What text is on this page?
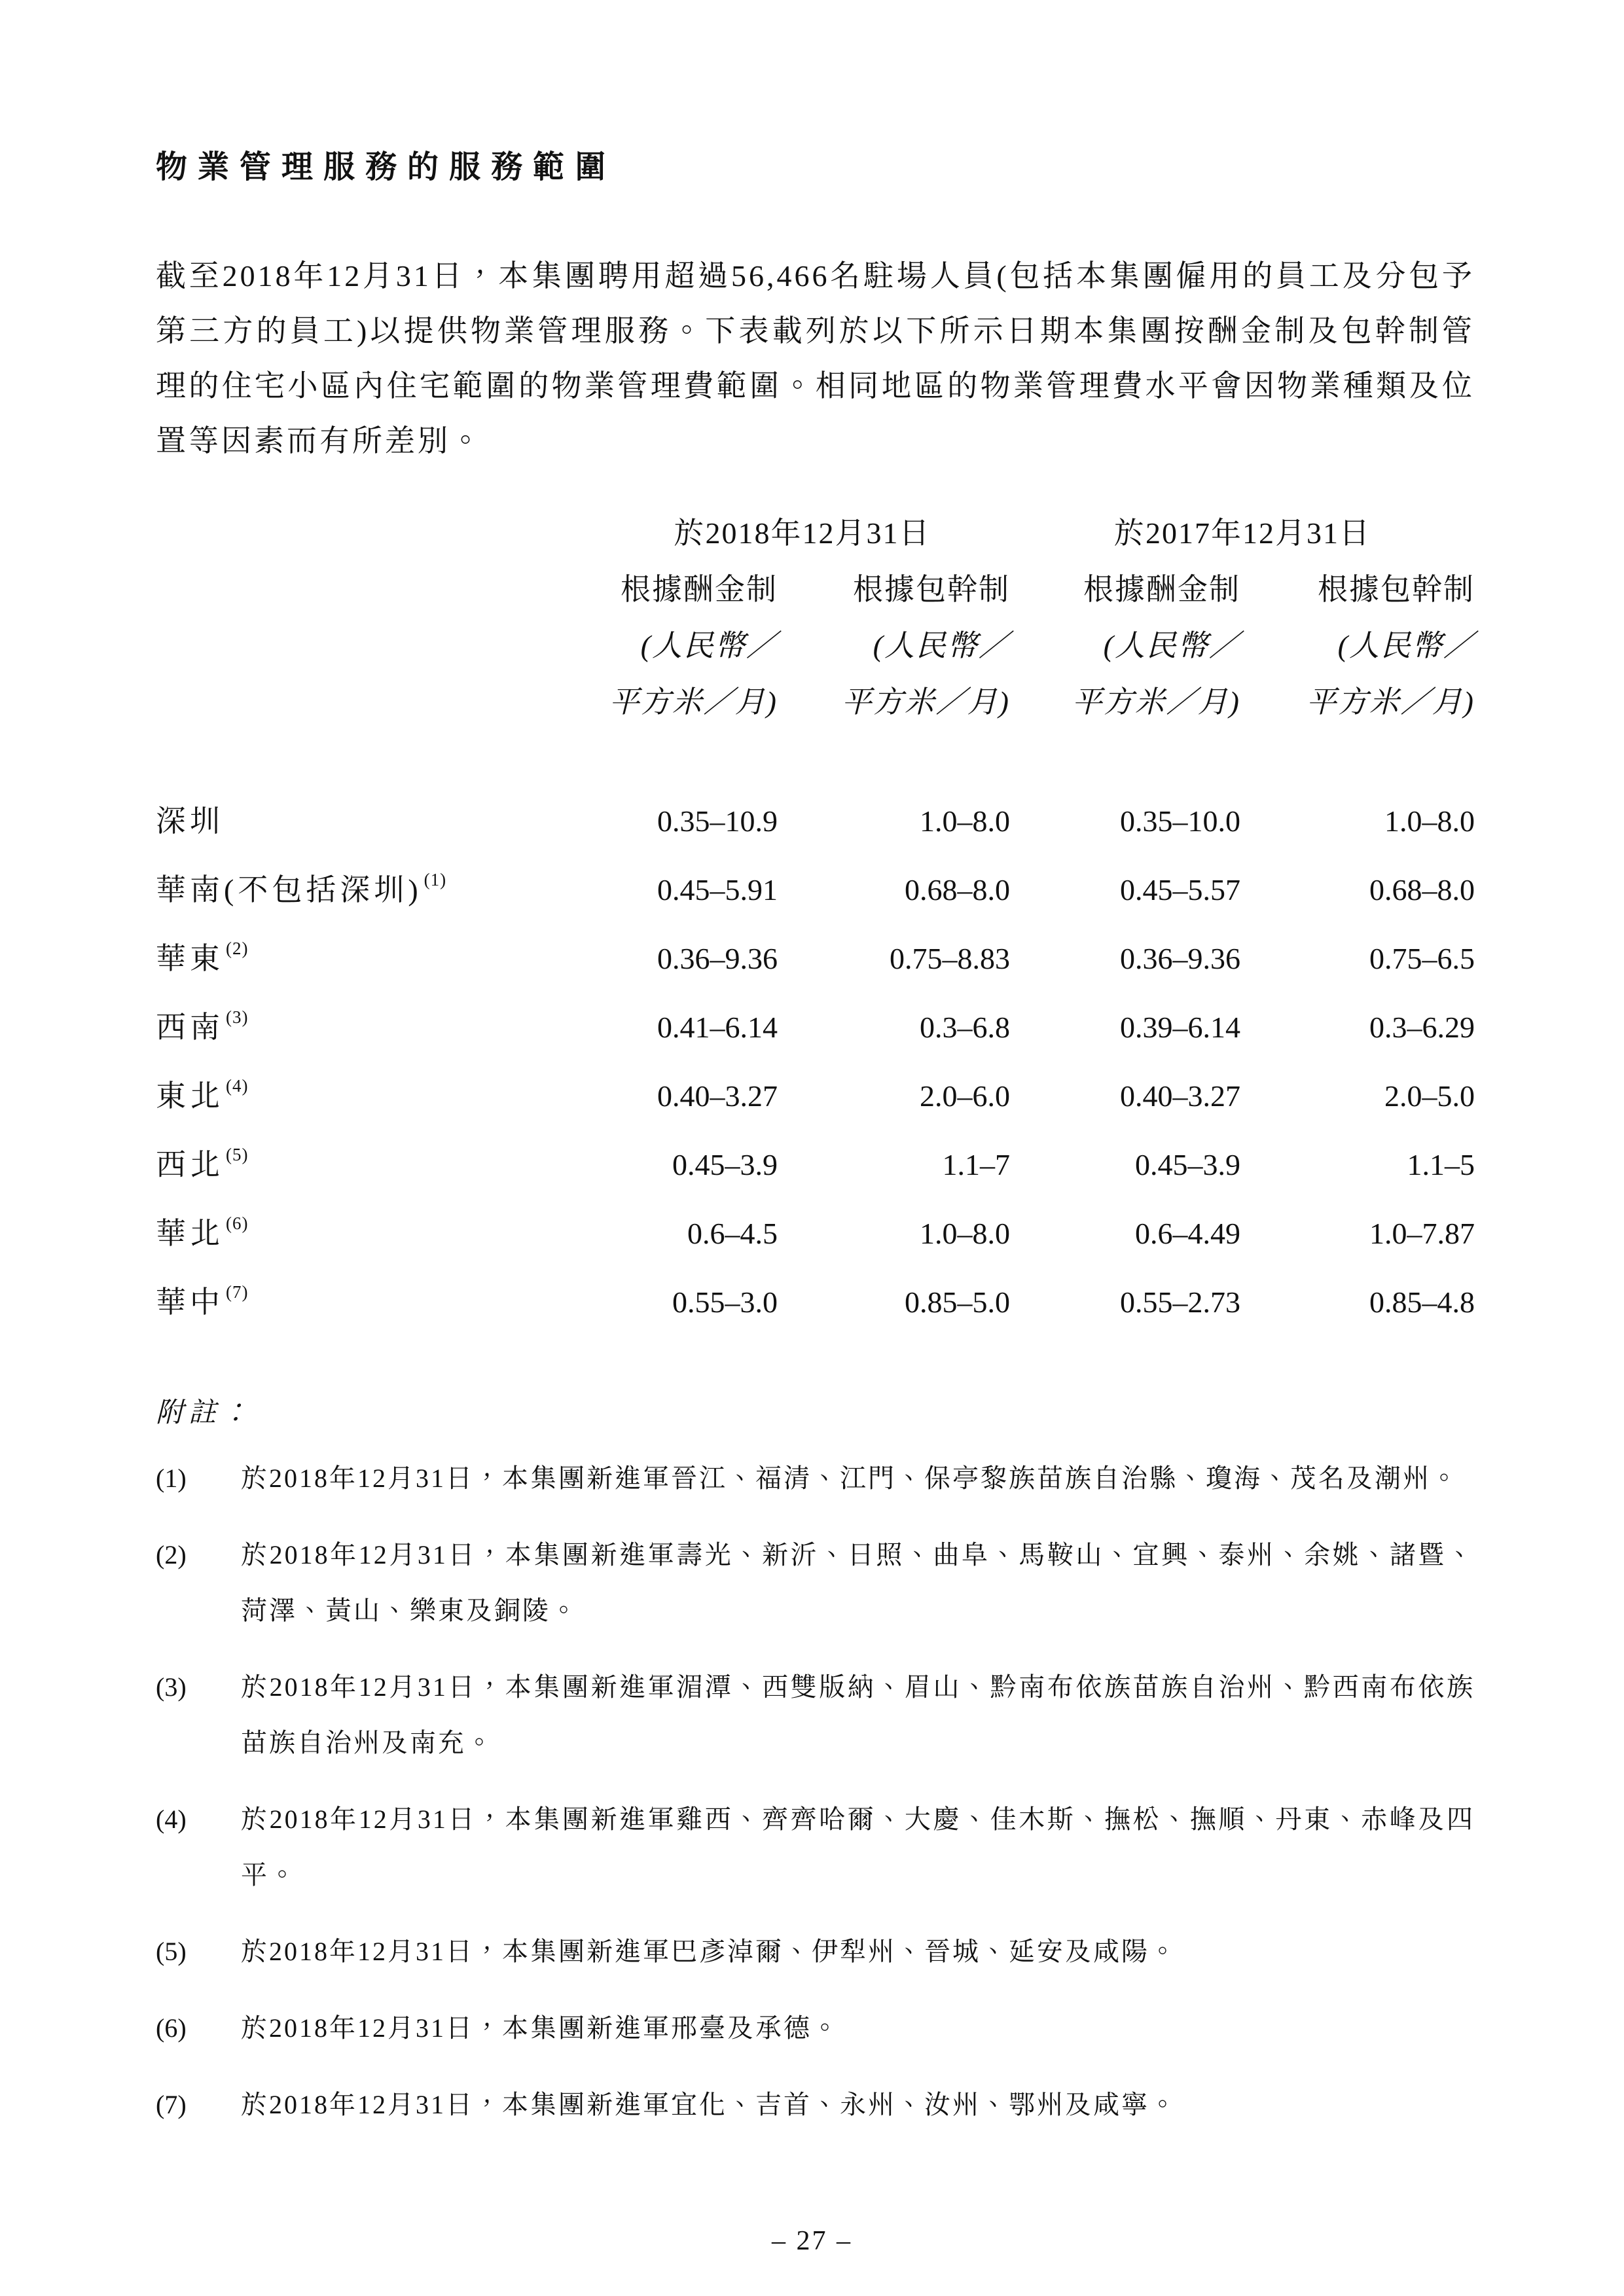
物業管理服務的服務範圍

截至2018年12月31日，本集團聘用超過56,466名駐場人員(包括本集團僱用的員工及分包予第三方的員工)以提供物業管理服務。下表載列於以下所示日期本集團按酬金制及包幹制管理的住宅小區內住宅範圍的物業管理費範圍。相同地區的物業管理費水平會因物業種類及位置等因素而有所差別。

	於2018年12月31日		於2017年12月31日	
	根據酬金制	根據包幹制	根據酬金制	根據包幹制
	(人民幣／	(人民幣／	(人民幣／	(人民幣／
	平方米／月)	平方米／月)	平方米／月)	平方米／月)
深圳	0.35–10.9	1.0–8.0	0.35–10.0	1.0–8.0
華南(不包括深圳) $^{(1)}$	0.45–5.91	0.68–8.0	0.45–5.57	0.68–8.0
華東 $^{(2)}$	0.36–9.36	0.75–8.83	0.36–9.36	0.75–6.5
西南 $^{(3)}$	0.41–6.14	0.3–6.8	0.39–6.14	0.3–6.29
東北 $^{(4)}$	0.40–3.27	2.0–6.0	0.40–3.27	2.0–5.0
西北 $^{(5)}$	0.45–3.9	1.1–7	0.45–3.9	1.1–5
華北 $^{(6)}$	0.6–4.5	1.0–8.0	0.6–4.49	1.0–7.87
華中 $^{(7)}$	0.55–3.0	0.85–5.0	0.55–2.73	0.85–4.8
附註：
(1)	於2018年12月31日，本集團新進軍晉江、福清、江門、保亭黎族苗族自治縣、瓊海、茂名及潮州。
(2)	於2018年12月31日，本集團新進軍壽光、新沂、日照、曲阜、馬鞍山、宜興、泰州、余姚、諸暨、菏澤、黃山、樂東及銅陵。
(3)	於2018年12月31日，本集團新進軍湄潭、西雙版納、眉山、黔南布依族苗族自治州、黔西南布依族苗族自治州及南充。
(4)	於2018年12月31日，本集團新進軍雞西、齊齊哈爾、大慶、佳木斯、撫松、撫順、丹東、赤峰及四平。
(5)	於2018年12月31日，本集團新進軍巴彥淖爾、伊犁州、晉城、延安及咸陽。
(6)	於2018年12月31日，本集團新進軍邢臺及承德。
(7)	於2018年12月31日，本集團新進軍宜化、吉首、永州、汝州、鄂州及咸寧。
– 27 –
